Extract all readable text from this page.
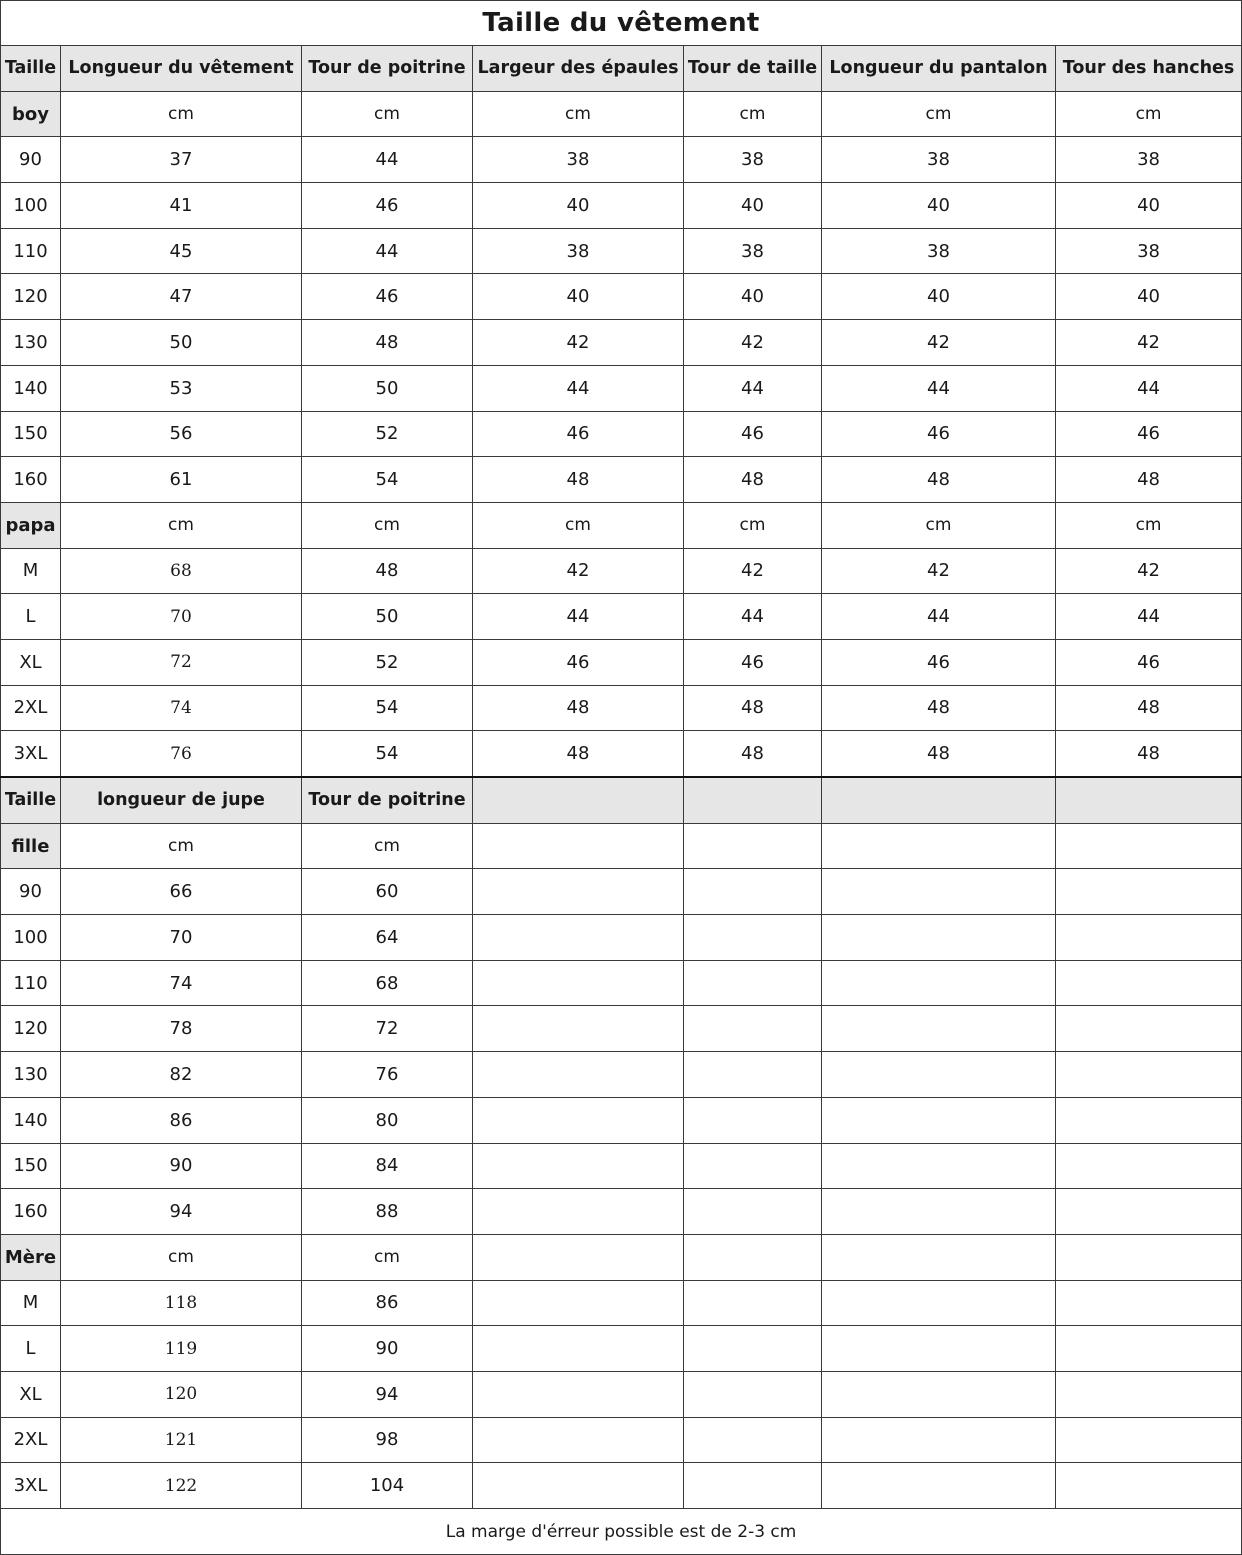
Taille du vêtement						
Taille	Longueur du vêtement	Tour de poitrine	Largeur des épaules	Tour de taille	Longueur du pantalon	Tour des hanches
boy	cm	cm	cm	cm	cm	cm
90	37	44	38	38	38	38
100	41	46	40	40	40	40
110	45	44	38	38	38	38
120	47	46	40	40	40	40
130	50	48	42	42	42	42
140	53	50	44	44	44	44
150	56	52	46	46	46	46
160	61	54	48	48	48	48
papa	cm	cm	cm	cm	cm	cm
M	68	48	42	42	42	42
L	70	50	44	44	44	44
XL	72	52	46	46	46	46
2XL	74	54	48	48	48	48
3XL	76	54	48	48	48	48
Taille	longueur de jupe	Tour de poitrine				
fille	cm	cm				
90	66	60				
100	70	64				
110	74	68				
120	78	72				
130	82	76				
140	86	80				
150	90	84				
160	94	88				
Mère	cm	cm				
M	118	86				
L	119	90				
XL	120	94				
2XL	121	98				
3XL	122	104				
La marge d'érreur possible est de 2-3 cm						
